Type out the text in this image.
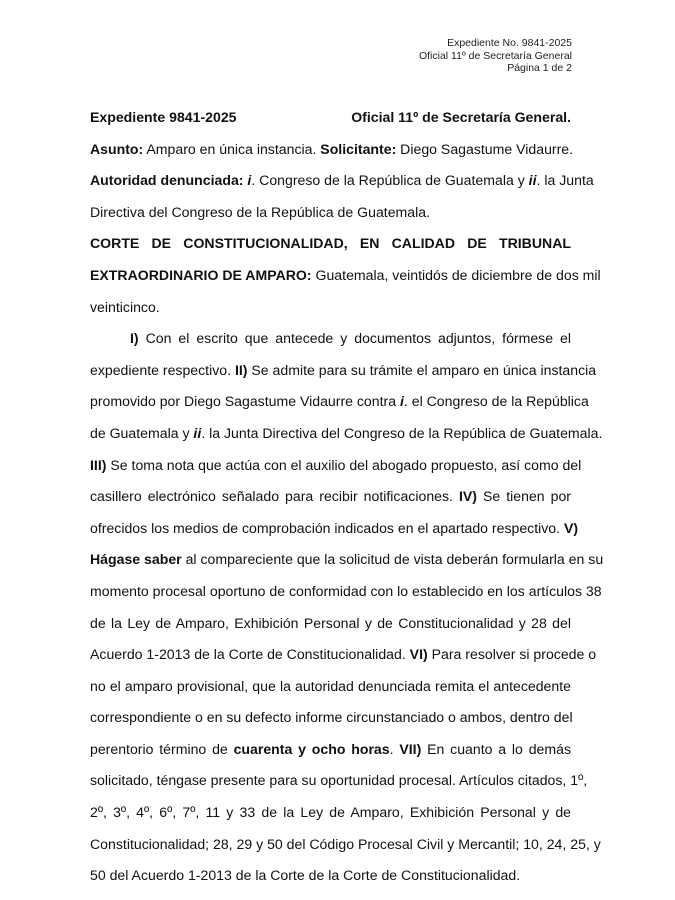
Expediente No. 9841-2025
Oficial 11º de Secretaría General
Página 1 de 2
Expediente 9841-2025	Oficial 11º de Secretaría General.
Asunto: Amparo en única instancia. Solicitante: Diego Sagastume Vidaurre.
Autoridad denunciada: i. Congreso de la República de Guatemala y ii. la Junta
Directiva del Congreso de la República de Guatemala.
CORTE DE CONSTITUCIONALIDAD, EN CALIDAD DE TRIBUNAL
EXTRAORDINARIO DE AMPARO: Guatemala, veintidós de diciembre de dos mil
veinticinco.
I) Con el escrito que antecede y documentos adjuntos, fórmese el
expediente respectivo. II) Se admite para su trámite el amparo en única instancia
promovido por Diego Sagastume Vidaurre contra i. el Congreso de la República
de Guatemala y ii. la Junta Directiva del Congreso de la República de Guatemala.
III) Se toma nota que actúa con el auxilio del abogado propuesto, así como del
casillero electrónico señalado para recibir notificaciones. IV) Se tienen por
ofrecidos los medios de comprobación indicados en el apartado respectivo. V)
Hágase saber al compareciente que la solicitud de vista deberán formularla en su
momento procesal oportuno de conformidad con lo establecido en los artículos 38
de la Ley de Amparo, Exhibición Personal y de Constitucionalidad y 28 del
Acuerdo 1-2013 de la Corte de Constitucionalidad. VI) Para resolver si procede o
no el amparo provisional, que la autoridad denunciada remita el antecedente
correspondiente o en su defecto informe circunstanciado o ambos, dentro del
perentorio término de cuarenta y ocho horas. VII) En cuanto a lo demás
solicitado, téngase presente para su oportunidad procesal. Artículos citados, 1º,
2º, 3º, 4º, 6º, 7º, 11 y 33 de la Ley de Amparo, Exhibición Personal y de
Constitucionalidad; 28, 29 y 50 del Código Procesal Civil y Mercantil; 10, 24, 25, y
50 del Acuerdo 1-2013 de la Corte de la Corte de Constitucionalidad.
